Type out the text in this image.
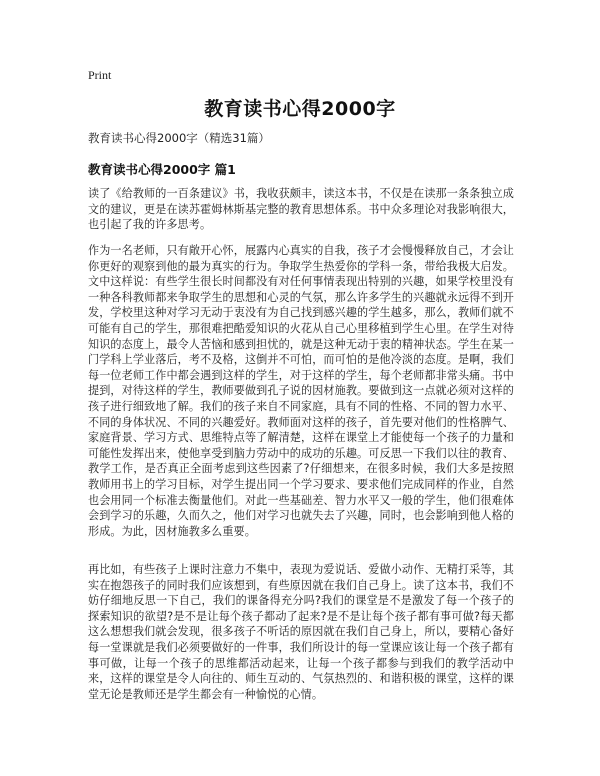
Print
教育读书心得2000字
教育读书心得2000字（精选31篇）
教育读书心得2000字 篇1
读了《给教师的一百条建议》书，我收获颇丰，读这本书，不仅是在读那一条条独立成文的建议，更是在读苏霍姆林斯基完整的教育思想体系。书中众多理论对我影响很大，也引起了我的许多思考。
作为一名老师，只有敞开心怀，展露内心真实的自我，孩子才会慢慢释放自己，才会让你更好的观察到他的最为真实的行为。争取学生热爱你的学科一条，带给我极大启发。文中这样说：有些学生很长时间都没有对任何事情表现出特别的兴趣，如果学校里没有一种各科教师都来争取学生的思想和心灵的气氛，那么许多学生的兴趣就永远得不到开发，学校里这种对学习无动于衷没有为自己找到感兴趣的学生越多，那么，教师们就不可能有自己的学生，那很难把酷爱知识的火花从自己心里移植到学生心里。在学生对待知识的态度上，最令人苦恼和感到担忧的，就是这种无动于衷的精神状态。学生在某一门学科上学业落后，考不及格，这倒并不可怕，而可怕的是他冷淡的态度。是啊，我们每一位老师工作中都会遇到这样的学生，对于这样的学生，每个老师都非常头痛。书中提到，对待这样的学生，教师要做到孔子说的因材施教。要做到这一点就必须对这样的孩子进行细致地了解。我们的孩子来自不同家庭，具有不同的性格、不同的智力水平、不同的身体状况、不同的兴趣爱好。教师面对这样的孩子，首先要对他们的性格脾气、家庭背景、学习方式、思维特点等了解清楚，这样在课堂上才能使每一个孩子的力量和可能性发挥出来，使他享受到脑力劳动中的成功的乐趣。可反思一下我们以往的教育、教学工作，是否真正全面考虑到这些因素了?仔细想来，在很多时候，我们大多是按照教师用书上的学习目标，对学生提出同一个学习要求、要求他们完成同样的作业，自然也会用同一个标准去衡量他们。对此一些基础差、智力水平又一般的学生，他们很难体会到学习的乐趣，久而久之，他们对学习也就失去了兴趣，同时，也会影响到他人格的形成。为此，因材施教多么重要。
再比如，有些孩子上课时注意力不集中，表现为爱说话、爱做小动作、无精打采等，其实在抱怨孩子的同时我们应该想到，有些原因就在我们自己身上。读了这本书，我们不妨仔细地反思一下自己，我们的课备得充分吗?我们的课堂是不是激发了每一个孩子的探索知识的欲望?是不是让每个孩子都动了起来?是不是让每个孩子都有事可做?每天都这么想想我们就会发现，很多孩子不听话的原因就在我们自己身上，所以，要精心备好每一堂课就是我们必须要做好的一件事，我们所设计的每一堂课应该让每一个孩子都有事可做，让每一个孩子的思维都活动起来，让每一个孩子都参与到我们的教学活动中来，这样的课堂是令人向往的、师生互动的、气氛热烈的、和谐积极的课堂，这样的课堂无论是教师还是学生都会有一种愉悦的心情。
